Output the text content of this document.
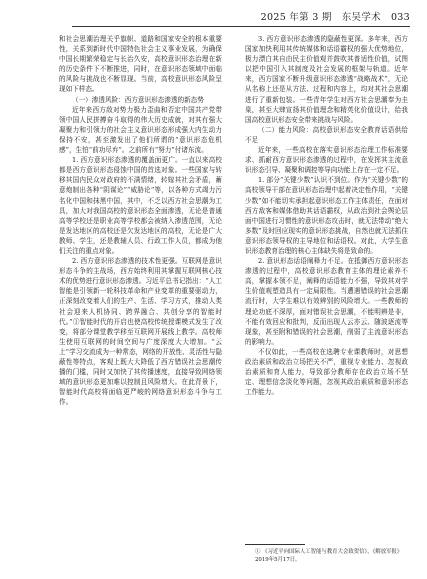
2025 年第 3 期 东吴学术 033

和社会思潮治理关乎旗帜、道路和国家安全的根本重要性，关系到新时代中国特色社会主义事业发展，为确保中国长期繁荣稳定与长治久安，高校意识形态治理在新的历史条件下不断推进，同时，在意识形态领域中面临的风险与挑战也不断显现。当前，高校意识形态风险呈现如下样态。

（一）渗透风险：西方意识形态渗透的新态势

近年来西方敌对势力极力歪曲和否定中国共产党带领中国人民拼搏奋斗取得的伟大历史成就，对其有强大凝聚力和引领力的社会主义意识形态形成强大内生动力保持不安，甚至激发出了他们所谓的“意识形态危机感”，生怕“前功尽弃”。之前所有“努力”付诸东流。

1. 西方意识形态渗透的覆盖面更广。一直以来高校都是西方意识形态侵蚀中国的首选对象。一些国家与转移其国内民众对政府的不满情绪，转嫁其社会矛盾，蓄意炮制出各种“阴谋论”“威胁论”等，以各种方式竭力污名化中国和抹黑中国，其中，不乏以西方社会思潮为工具，加大对我国高校的意识形态全面渗透，无论是普通高等学校还是职业高等学校都会被纳入渗透范围，无论是发达地区的高校还是欠发达地区的高校，无论是广大教师、学生，还是教辅人员、行政工作人员，都成为他们关注的重点对象。

2. 西方意识形态渗透的技术性更强。互联网是意识形态斗争的主战场，西方始终利用其掌握互联网核心技术的优势进行意识形态渗透。习近平总书记指出：“人工智能是引领新一轮科技革命和产业变革的重要驱动力，正深刻改变着人们的生产、生活、学习方式，推动人类社会迎来人机协同、跨界融合、共创分享的智能时代。”①智能时代的开启也使高校传统授课模式发生了改变，将部分课堂教学移至互联网开展线上教学。高校师生使用互联网的时间空间与广度深度大大增加。“云上”学习交流成为一种常态，网络的开放性、灵活性与隐蔽性等特点，客观上既大大降低了西方错误社会思潮传播的门槛，同时又加快了其传播速度，直接导致网络领域的意识形态更加难以控制且风险增大。在此背景下，智能时代高校将面临更严峻的网络意识形态斗争与工作。

3. 西方意识形态渗透的隐蔽性更深。多年来，西方国家加快利用其传统媒体和话语霸权的强大优势地位，极力漂白其自由民主价值观并鼓吹其普适性价值，试图以把中国引入其制度及社会发展的框架与轨道。近年来，西方国家不断升级意识形态渗透“战略战术”，无论从名称上还是从方法、过程和内容上，均对其社会思潮进行了重新包装。一些青年学生对西方社会思潮奉为圭臬，甚至大肆宣扬其价值理念和精英化价值设计，给我国高校意识形态安全带来挑战与风险。

（二）能力风险：高校意识形态安全教育话语供给不足

近年来，一些高校在落实意识形态治理工作标准要求、抓耐西方意识形态渗透的过程中，在发挥其主流意识形态引导、凝聚和调控等导向功能上存在一定不足。

1. 部分“关键少数”认识不到位。作为“关键少数”的高校领导干部在意识形态治理中起着决定性作用，“关键少数”如不能切实承担起意识形态工作主体责任，在面对西方敌客和媒体借助其话语霸权，从政治到社会舆论层面中国进行习惯性的意识形态攻击时，就无法带动“绝大多数”及时回应现实的意识形态挑战，自然也就无法抓住意识形态领导权的主导地位和话语权。对此，大学生意识形态教育治理的核心主体缺失将是致命的。

2. 意识形态话语阐释力不足。在抵御西方意识形态渗透的过程中，高校意识形态教育主体的理论素养不高，掌握本领不足，阐释的话语能力不强，导致其对学生价值观塑造具有一定局限性。当遭遇错误的社会思潮流行时，大学生难以有效辨别的风险增大。一些教师的理论功底不深厚，面对错误社会思潮，不能明辨是非，不能有效回应和批判，反而出现人云亦云、随波逐流等现象，甚至附和错误的社会思潮，削弱了主流意识形态的影响力。

不仅如此，一些高校在选聘专业课教师时，对思想政治素质和政治立场把关不严，重视专业能力、忽视政治素质和育人能力，导致部分教师存在政治立场不坚定、理想信念淡化等问题，忽视其政治素质和意识形态工作能力。

① 《习近平向国际人工智能与教育大会致贺信》，《解放军报》2019年5月17日。
